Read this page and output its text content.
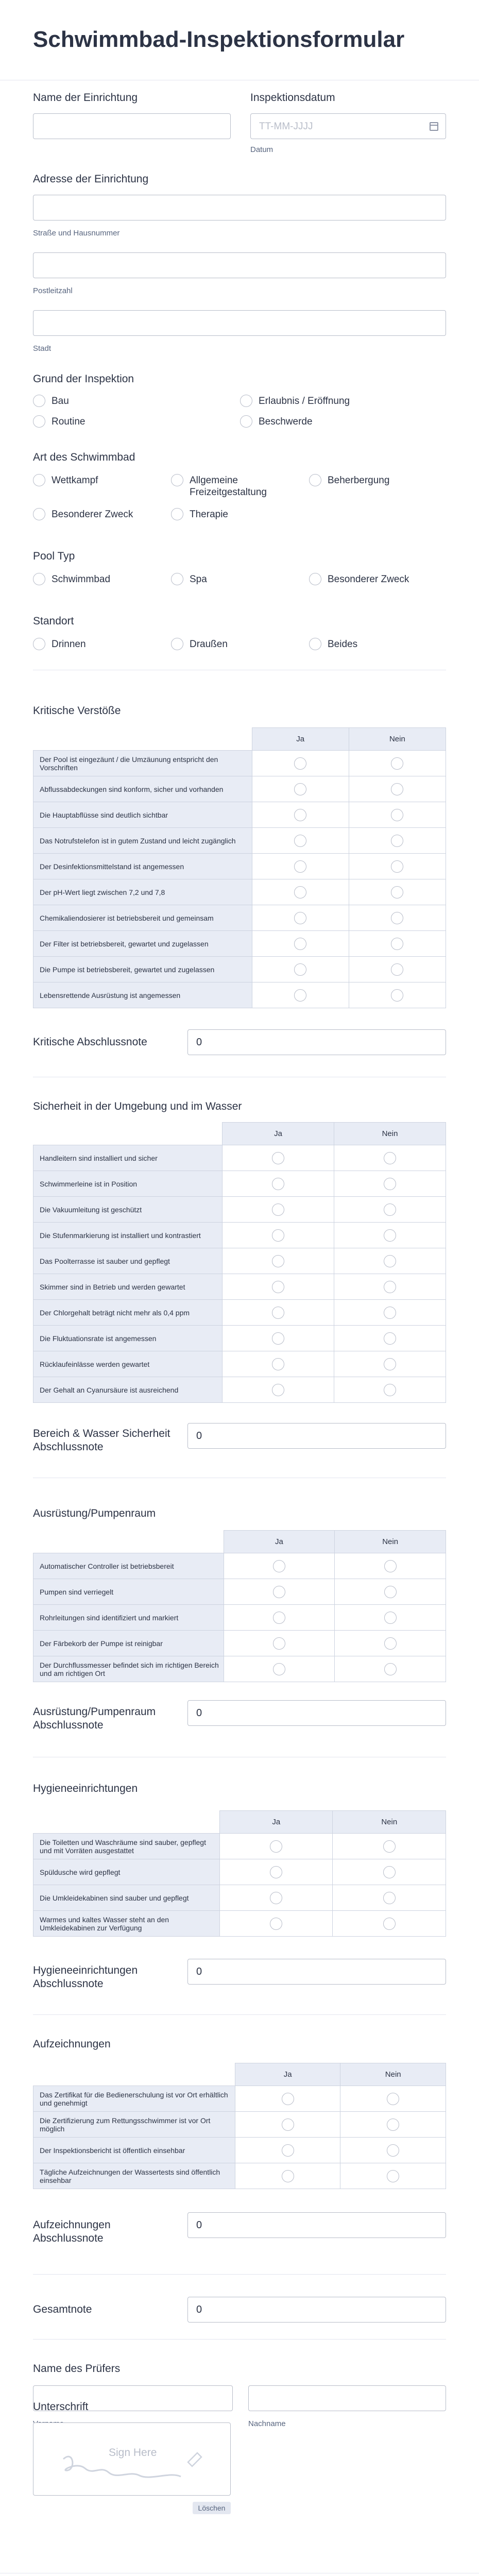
Schwimmbad-Inspektionsformular
Name der Einrichtung	Inspektionsdatum
TT-MM-JJJJ
Datum
Adresse der Einrichtung
Straße und Hausnummer
Postleitzahl
Stadt
Grund der Inspektion
Bau	Erlaubnis / Eröffnung
Routine	Beschwerde
Art des Schwimmbad
Wettkampf	Allgemeine Freizeitgestaltung
Beherbergung
Besonderer Zweck	Therapie
Pool Typ
Schwimmbad	Spa	Besonderer Zweck
Standort
Drinnen	Draußen	Beides
Kritische Verstöße
	Ja	Nein
Der Pool ist eingezäunt / die Umzäunung entspricht den Vorschriften		
Abflussabdeckungen sind konform, sicher und vorhanden		
Die Hauptabflüsse sind deutlich sichtbar		
Das Notrufstelefon ist in gutem Zustand und leicht zugänglich		
Der Desinfektionsmittelstand ist angemessen		
Der pH-Wert liegt zwischen 7,2 und 7,8		
Chemikaliendosierer ist betriebsbereit und gemeinsam		
Der Filter ist betriebsbereit, gewartet und zugelassen		
Die Pumpe ist betriebsbereit, gewartet und zugelassen		
Lebensrettende Ausrüstung ist angemessen		
Kritische Abschlussnote	0
Sicherheit in der Umgebung und im Wasser
	Ja	Nein
Handleitern sind installiert und sicher		
Schwimmerleine ist in Position		
Die Vakuumleitung ist geschützt		
Die Stufenmarkierung ist installiert und kontrastiert		
Das Poolterrasse ist sauber und gepflegt		
Skimmer sind in Betrieb und werden gewartet		
Der Chlorgehalt beträgt nicht mehr als 0,4 ppm		
Die Fluktuationsrate ist angemessen		
Rücklaufeinlässe werden gewartet		
Der Gehalt an Cyanursäure ist ausreichend		
Bereich & Wasser Sicherheit Abschlussnote
0
Ausrüstung/Pumpenraum
	Ja	Nein
Automatischer Controller ist betriebsbereit		
Pumpen sind verriegelt		
Rohrleitungen sind identifiziert und markiert		
Der Färbekorb der Pumpe ist reinigbar		
Der Durchflussmesser befindet sich im richtigen Bereich und am richtigen Ort		
Ausrüstung/Pumpenraum Abschlussnote
0
Hygieneeinrichtungen
	Ja	Nein
Die Toiletten und Waschräume sind sauber, gepflegt und mit Vorräten ausgestattet		
Spüldusche wird gepflegt		
Die Umkleidekabinen sind sauber und gepflegt		
Warmes und kaltes Wasser steht an den Umkleidekabinen zur Verfügung		
Hygieneeinrichtungen Abschlussnote
0
Aufzeichnungen
	Ja	Nein
Das Zertifikat für die Bedienerschulung ist vor Ort erhältlich und genehmigt		
Die Zertifizierung zum Rettungsschwimmer ist vor Ort möglich		
Der Inspektionsbericht ist öffentlich einsehbar		
Tägliche Aufzeichnungen der Wassertests sind öffentlich einsehbar		
Aufzeichnungen Abschlussnote
0
Gesamtnote	0
Name des Prüfers
Nachname
Unterschrift
Sign Here
Löschen
